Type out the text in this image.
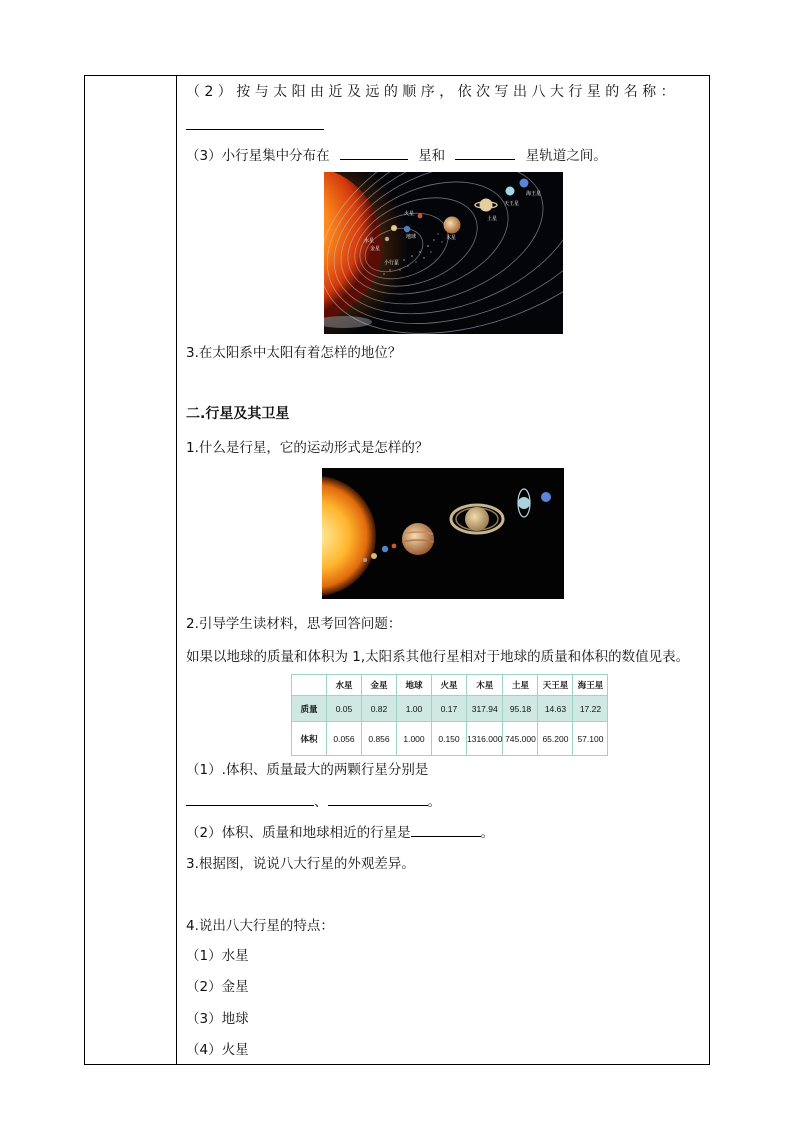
（ 2 ） 按 与 太 阳 由 近 及 远 的 顺 序 ， 依 次 写 出 八 大 行 星 的 名 称 ：
（3）小行星集中分布在	星和	星轨道之间。
水星
金星
地球
火星
木星
土星
天王星
海王星
小行星
3.在太阳系中太阳有着怎样的地位？
二.行星及其卫星
1.什么是行星，它的运动形式是怎样的？
2.引导学生读材料，思考回答问题：
如果以地球的质量和体积为 1,太阳系其他行星相对于地球的质量和体积的数值见表。
	水星	金星	地球	火星	木星	土星	天王星	海王星
质量	0.05	0.82	1.00	0.17	317.94	95.18	14.63	17.22
体积	0.056	0.856	1.000	0.150	1316.000	745.000	65.200	57.100
（1）.体积、质量最大的两颗行星分别是
、	。
（2）体积、质量和地球相近的行星是	。
3.根据图，说说八大行星的外观差异。
4.说出八大行星的特点：
（1）水星
（2）金星
（3）地球
（4）火星
